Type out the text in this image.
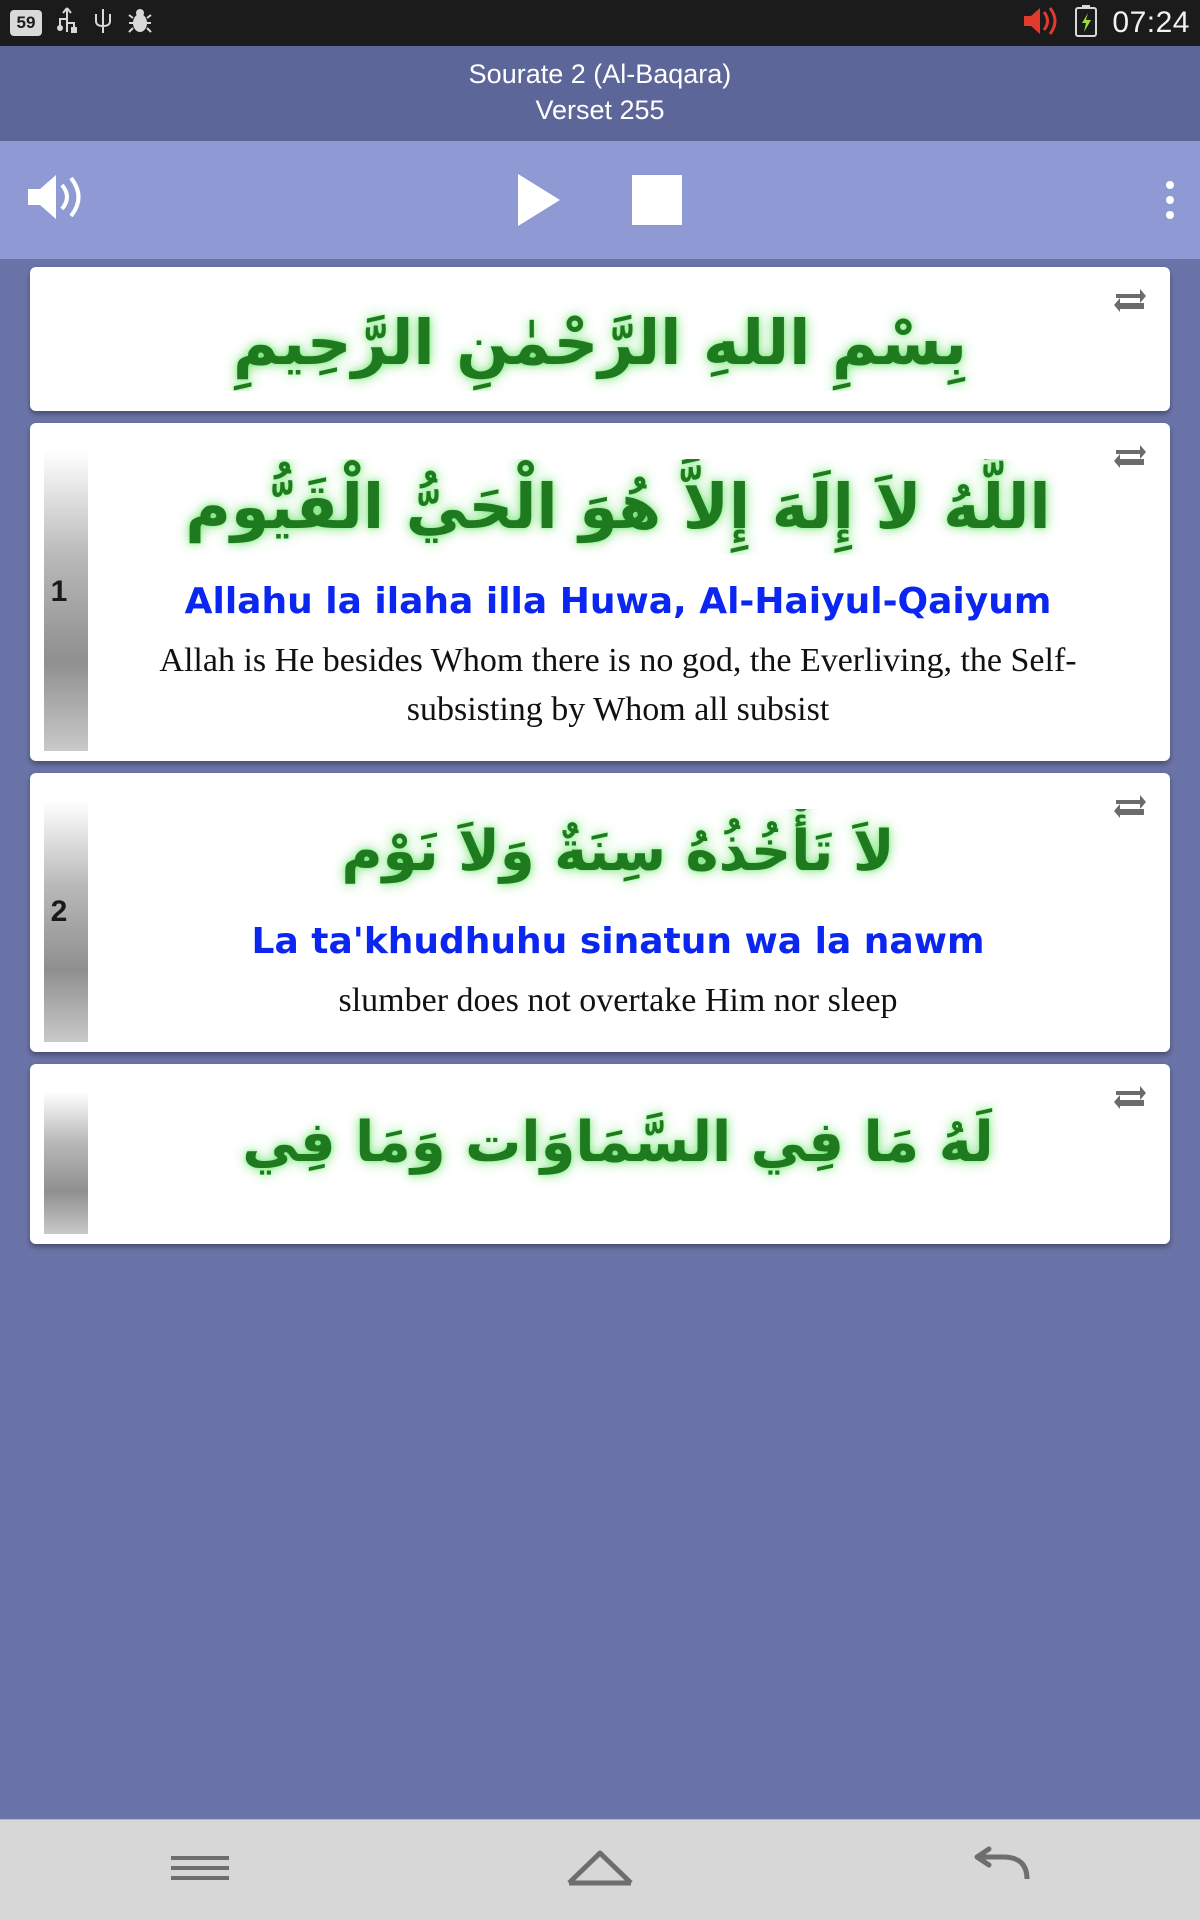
59	07:24
Sourate 2 (Al-Baqara)
Verset 255
بِسْمِ اللهِ الرَّحْمٰنِ الرَّحِيمِ
1
اللَّهُ لاَ إِلَهَ إِلاَّ هُوَ الْحَيُّ الْقَيُّوم
Allahu la ilaha illa Huwa, Al-Haiyul-Qaiyum
Allah is He besides Whom there is no god, the Everliving, the Self-subsisting by Whom all subsist
2
لاَ تَأْخُذُهُ سِنَةٌ وَلاَ نَوْم
La ta'khudhuhu sinatun wa la nawm
slumber does not overtake Him nor sleep
لَهُ مَا فِي السَّمَاوَات وَمَا فِي
